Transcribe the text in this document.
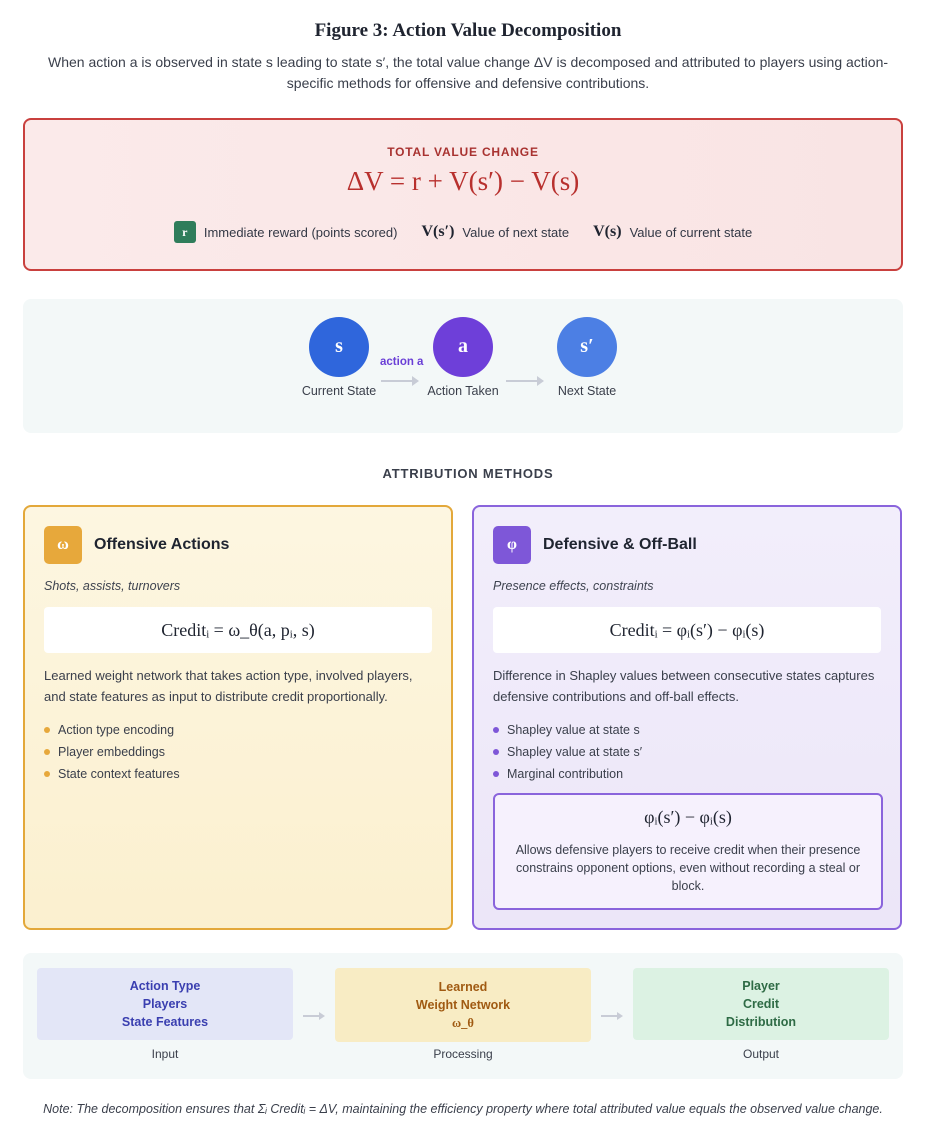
Figure 3: Action Value Decomposition
When action a is observed in state s leading to state s′, the total value change ΔV is decomposed and attributed to players using action-specific methods for offensive and defensive contributions.
TOTAL VALUE CHANGE
ΔV = r + V(s′) − V(s)
r	Immediate reward (points scored) V(s′) Value of next state V(s) Value of current state
s
Current State
action a
a
Action Taken
s′
Next State
ATTRIBUTION METHODS
ω	Offensive Actions
Shots, assists, turnovers
Creditᵢ = ω_θ(a, pᵢ, s)
Learned weight network that takes action type, involved players, and state features as input to distribute credit proportionally.
Action type encoding
Player embeddings
State context features
φ	Defensive & Off-Ball
Presence effects, constraints
Creditᵢ = φᵢ(s′) − φᵢ(s)
Difference in Shapley values between consecutive states captures defensive contributions and off-ball effects.
Shapley value at state s
Shapley value at state s′
Marginal contribution
φᵢ(s′) − φᵢ(s)
Allows defensive players to receive credit when their presence constrains opponent options, even without recording a steal or block.
Action Type
Players
State Features
Input
Learned
Weight Network
ω_θ
Processing
Player
Credit
Distribution
Output
Note: The decomposition ensures that Σᵢ Creditᵢ = ΔV, maintaining the efficiency property where total attributed value equals the observed value change.
